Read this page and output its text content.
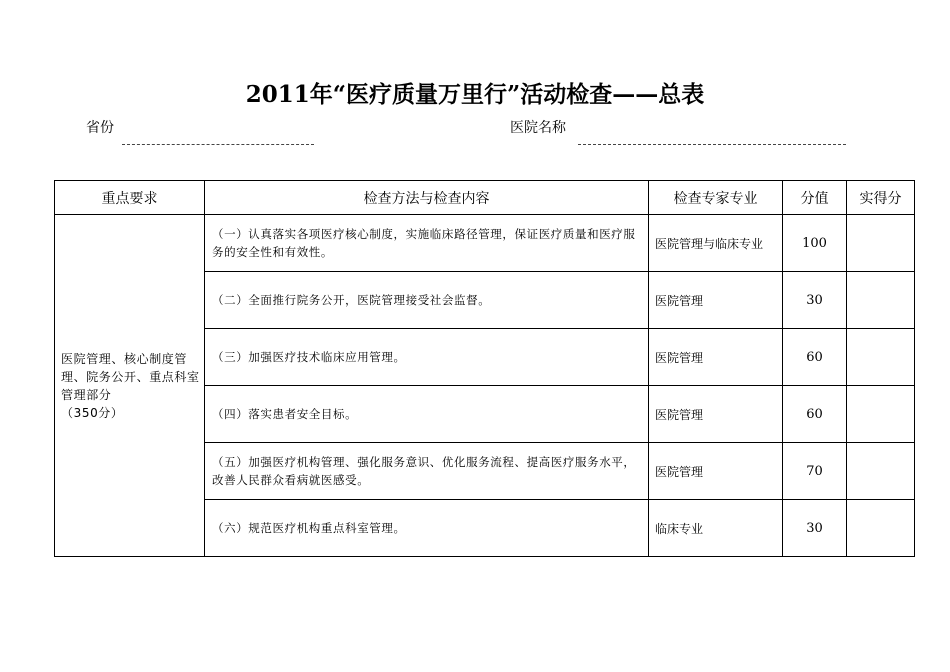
2011年“医疗质量万里行”活动检查——总表
省份	医院名称
重点要求	检查方法与检查内容	检查专家专业	分值	实得分

医院管理、核心制度管理、院务公开、重点科室管理部分
（350分）	（一）认真落实各项医疗核心制度，实施临床路径管理，保证医疗质量和医疗服务的安全性和有效性。	医院管理与临床专业	100	
	（二）全面推行院务公开，医院管理接受社会监督。	医院管理	30	
	（三）加强医疗技术临床应用管理。	医院管理	60	
	（四）落实患者安全目标。	医院管理	60	
	（五）加强医疗机构管理、强化服务意识、优化服务流程、提高医疗服务水平，改善人民群众看病就医感受。	医院管理	70	
	（六）规范医疗机构重点科室管理。	临床专业	30	
